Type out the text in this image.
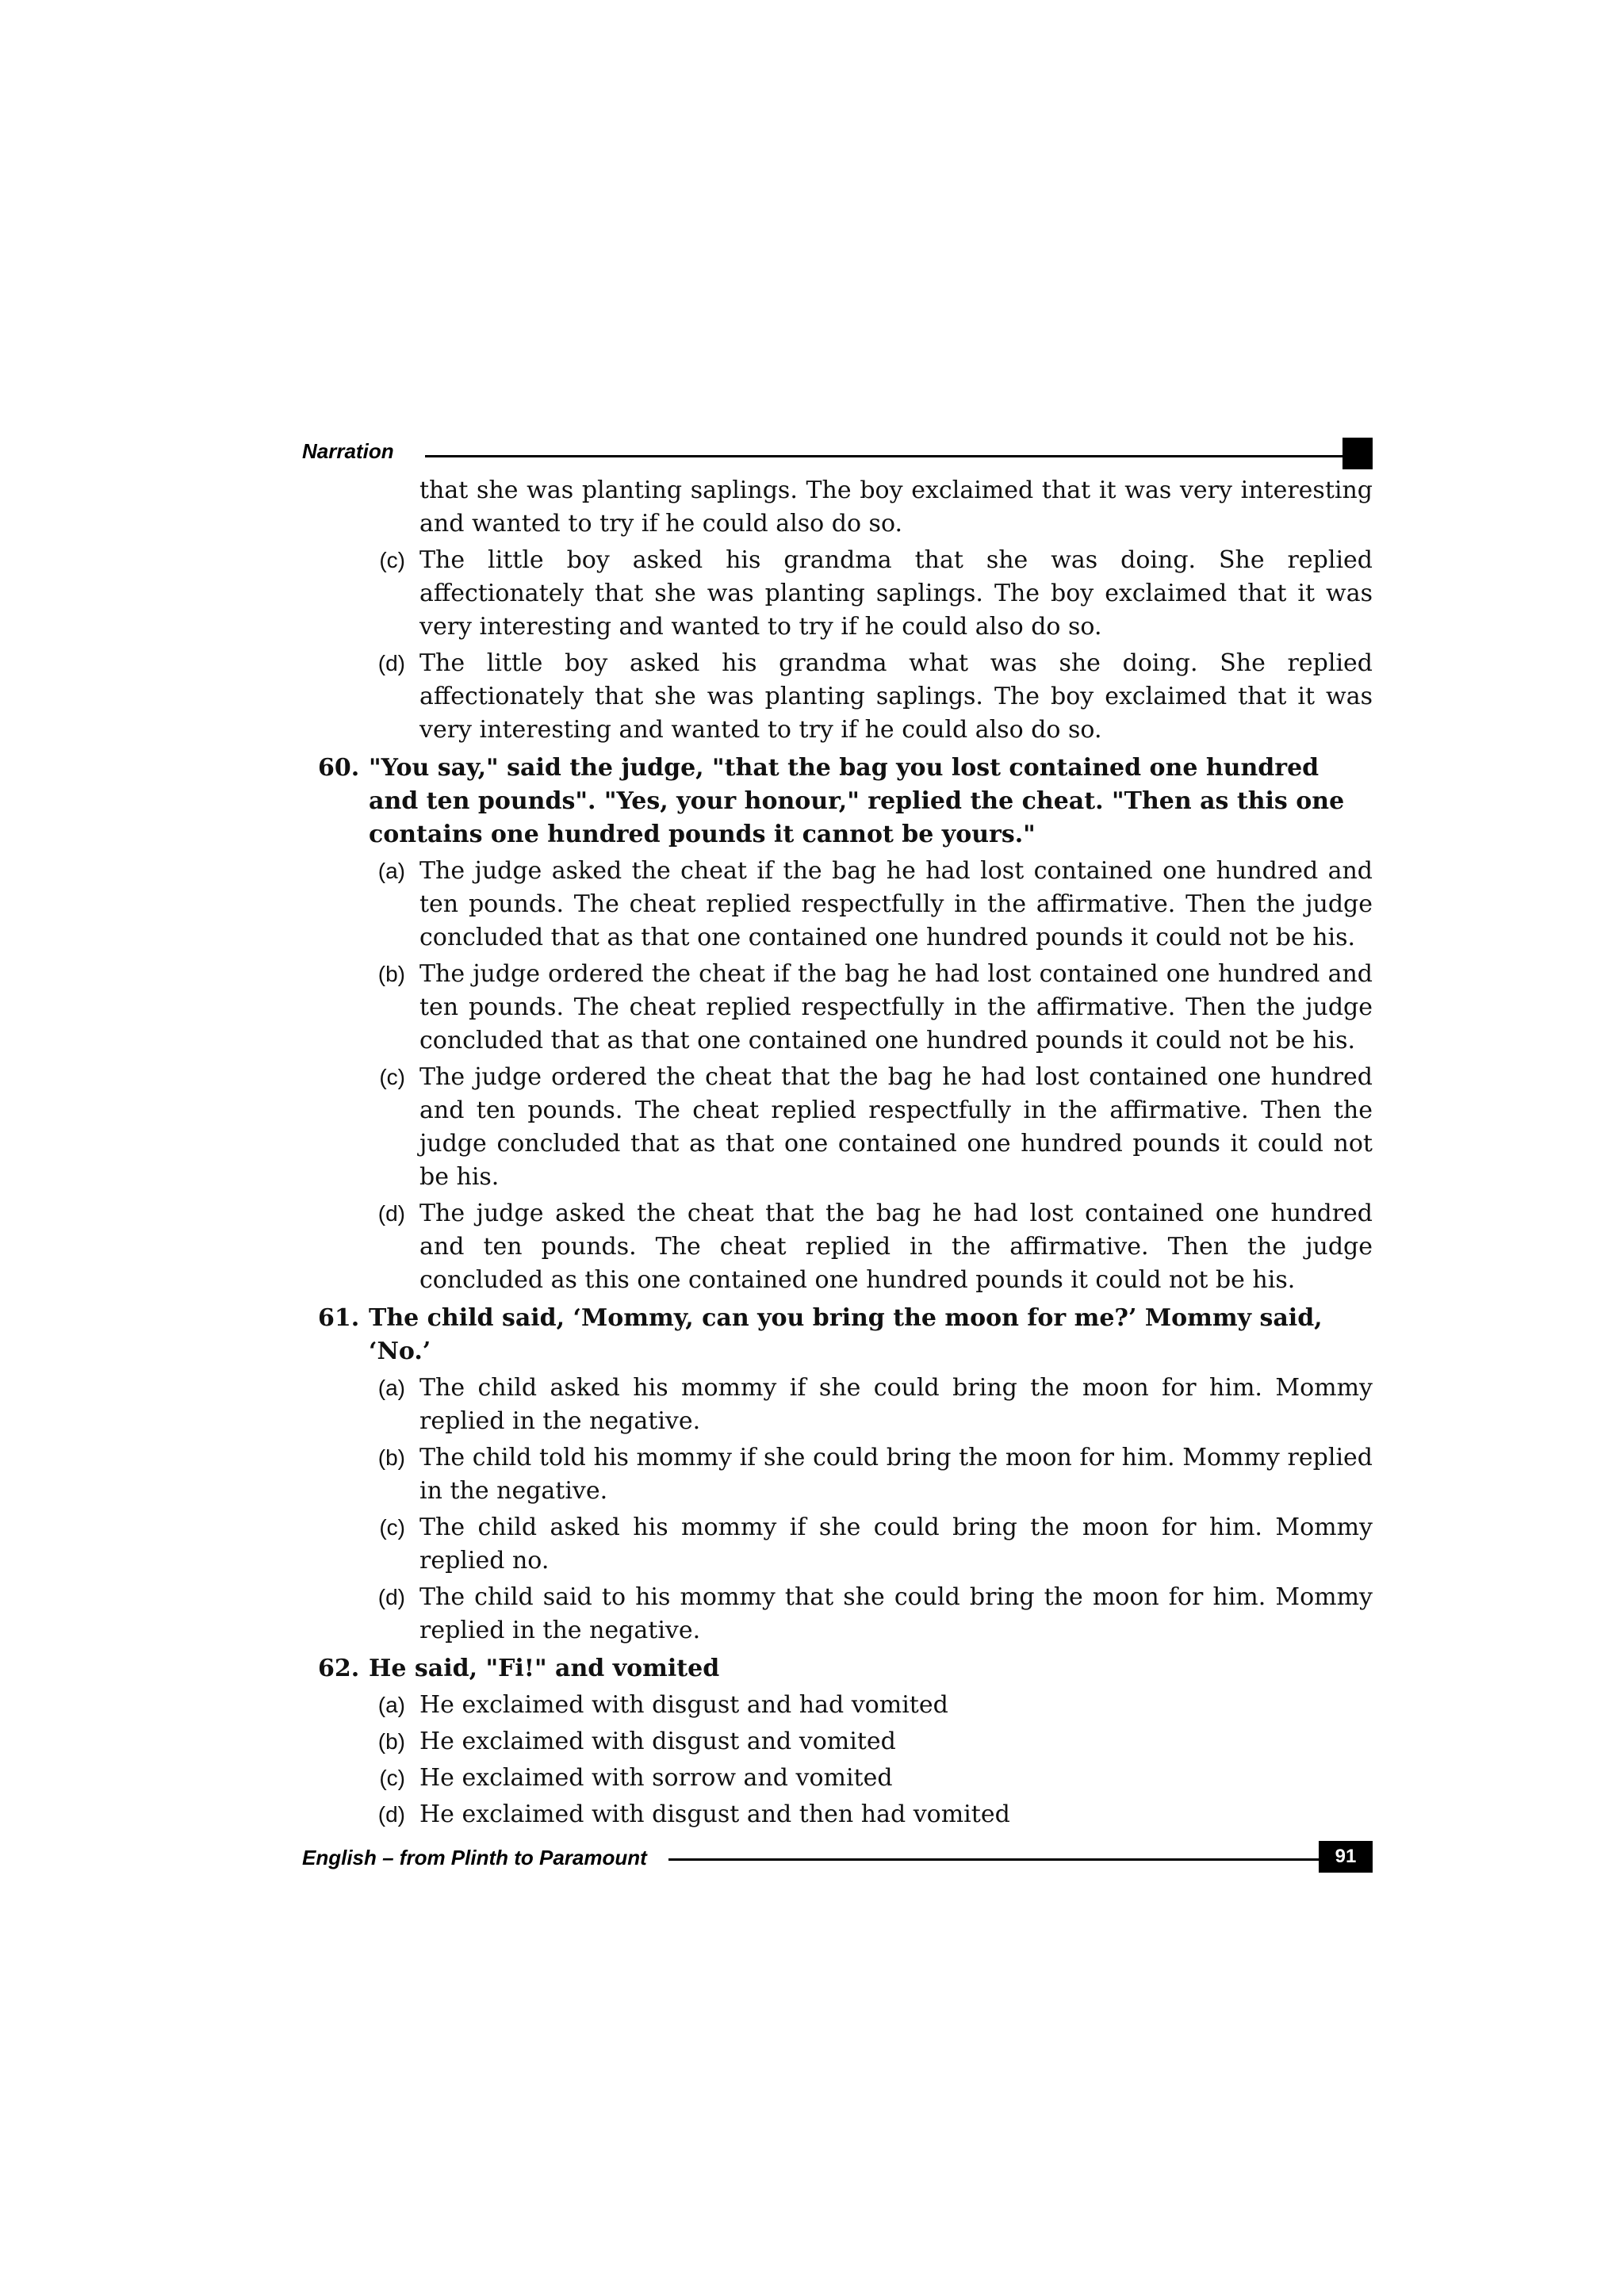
Narration
that she was planting saplings. The boy exclaimed that it was very interesting and wanted to try if he could also do so.
(c) The little boy asked his grandma that she was doing. She replied affectionately that she was planting saplings. The boy exclaimed that it was very interesting and wanted to try if he could also do so.
(d) The little boy asked his grandma what was she doing. She replied affectionately that she was planting saplings. The boy exclaimed that it was very interesting and wanted to try if he could also do so.
60. "You say," said the judge, "that the bag you lost contained one hundred and ten pounds". "Yes, your honour," replied the cheat. "Then as this one contains one hundred pounds it cannot be yours."
(a) The judge asked the cheat if the bag he had lost contained one hundred and ten pounds. The cheat replied respectfully in the affirmative. Then the judge concluded that as that one contained one hundred pounds it could not be his.
(b) The judge ordered the cheat if the bag he had lost contained one hundred and ten pounds. The cheat replied respectfully in the affirmative. Then the judge concluded that as that one contained one hundred pounds it could not be his.
(c) The judge ordered the cheat that the bag he had lost contained one hundred and ten pounds. The cheat replied respectfully in the affirmative. Then the judge concluded that as that one contained one hundred pounds it could not be his.
(d) The judge asked the cheat that the bag he had lost contained one hundred and ten pounds. The cheat replied in the affirmative. Then the judge concluded as this one contained one hundred pounds it could not be his.
61. The child said, ‘Mommy, can you bring the moon for me?’ Mommy said, ‘No.’
(a) The child asked his mommy if she could bring the moon for him. Mommy replied in the negative.
(b) The child told his mommy if she could bring the moon for him. Mommy replied in the negative.
(c) The child asked his mommy if she could bring the moon for him. Mommy replied no.
(d) The child said to his mommy that she could bring the moon for him. Mommy replied in the negative.
62. He said, "Fi!" and vomited
(a) He exclaimed with disgust and had vomited
(b) He exclaimed with disgust and vomited
(c) He exclaimed with sorrow and vomited
(d) He exclaimed with disgust and then had vomited
English – from Plinth to Paramount	91
